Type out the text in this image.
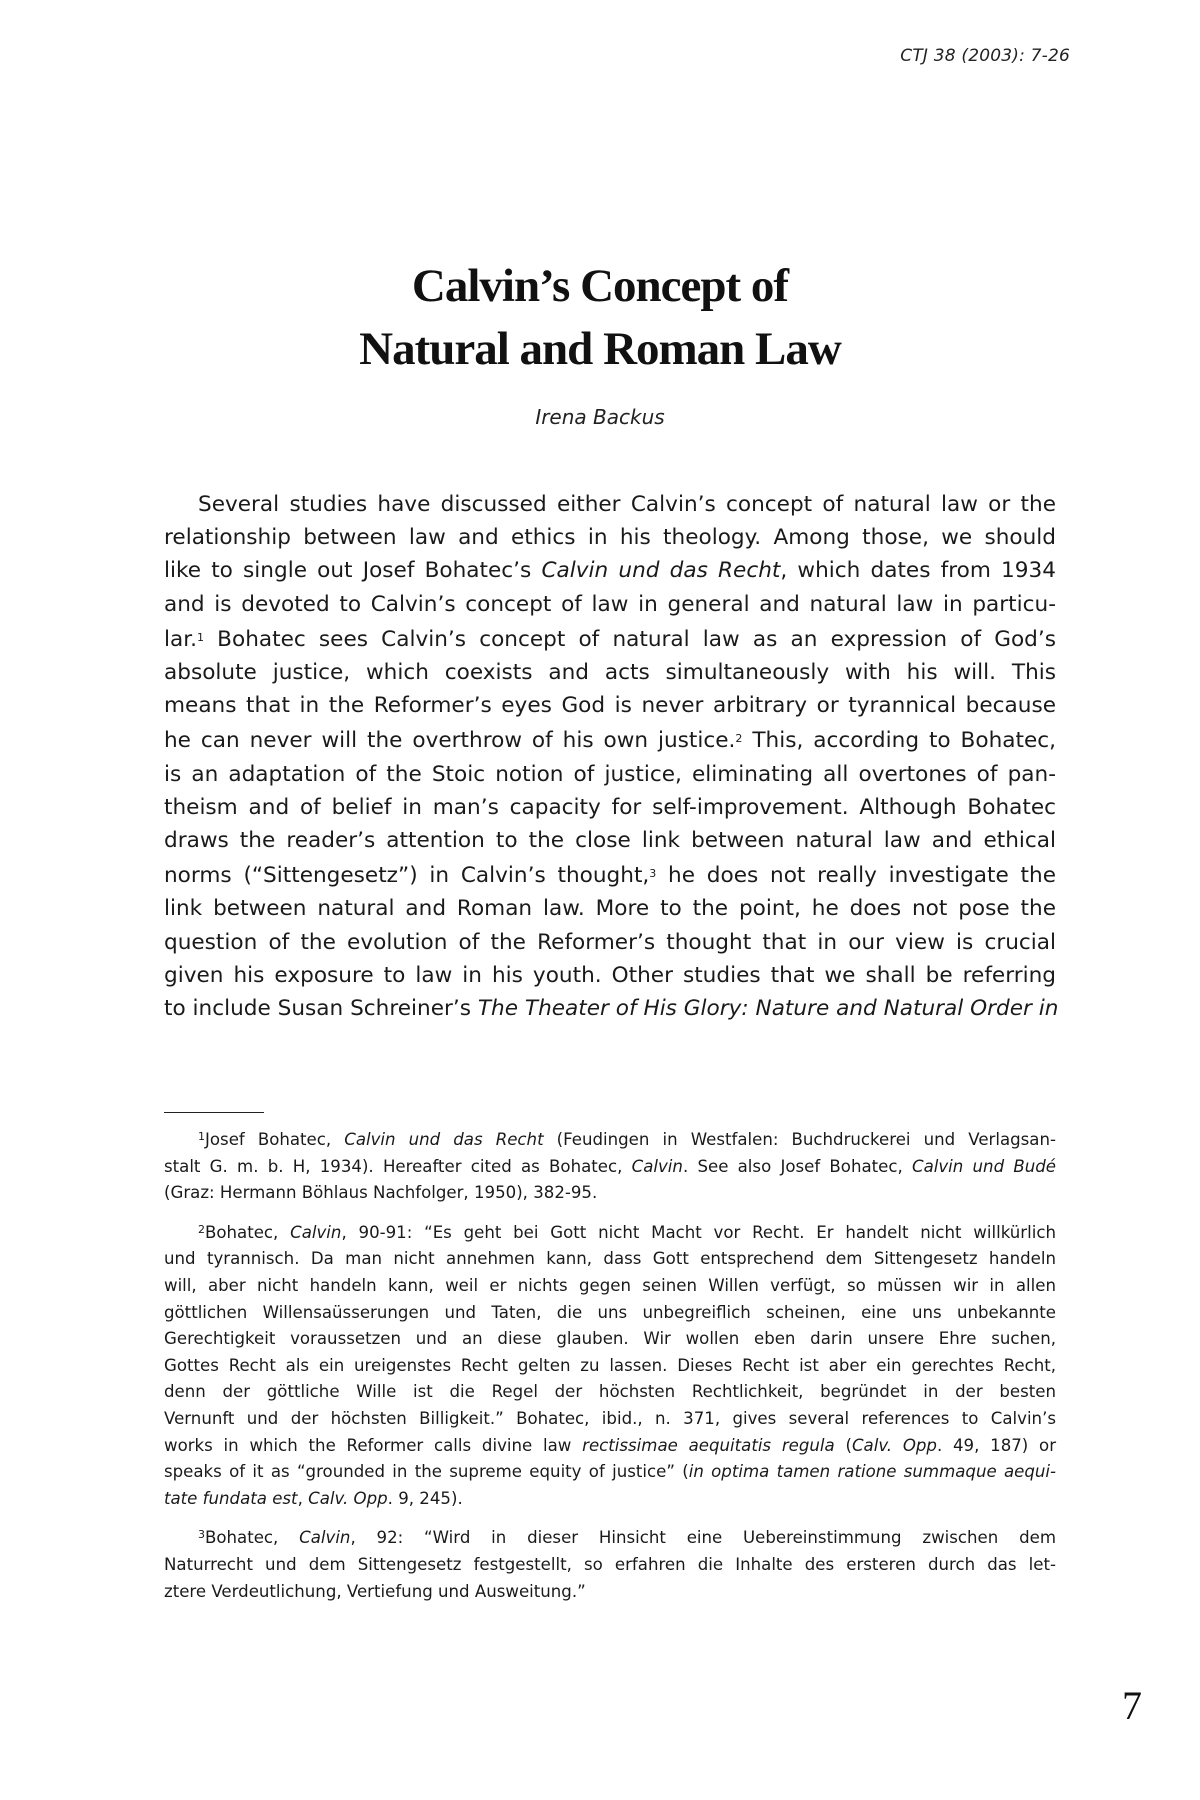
CTJ 38 (2003): 7-26
Calvin’s Concept of
Natural and Roman Law
Irena Backus
Several studies have discussed either Calvin’s concept of natural law or the
relationship between law and ethics in his theology. Among those, we should
like to single out Josef Bohatec’s Calvin und das Recht, which dates from 1934
and is devoted to Calvin’s concept of law in general and natural law in particu-
lar.$^1$ Bohatec sees Calvin’s concept of natural law as an expression of God’s
absolute justice, which coexists and acts simultaneously with his will. This
means that in the Reformer’s eyes God is never arbitrary or tyrannical because
he can never will the overthrow of his own justice.$^2$ This, according to Bohatec,
is an adaptation of the Stoic notion of justice, eliminating all overtones of pan-
theism and of belief in man’s capacity for self-improvement. Although Bohatec
draws the reader’s attention to the close link between natural law and ethical
norms (“Sittengesetz”) in Calvin’s thought,$^3$ he does not really investigate the
link between natural and Roman law. More to the point, he does not pose the
question of the evolution of the Reformer’s thought that in our view is crucial
given his exposure to law in his youth. Other studies that we shall be referring
to include Susan Schreiner’s The Theater of His Glory: Nature and Natural Order in
$^1$Josef Bohatec, Calvin und das Recht (Feudingen in Westfalen: Buchdruckerei und Verlagsan-
stalt G. m. b. H, 1934). Hereafter cited as Bohatec, Calvin. See also Josef Bohatec, Calvin und Budé
(Graz: Hermann Böhlaus Nachfolger, 1950), 382-95.
$^2$Bohatec, Calvin, 90-91: “Es geht bei Gott nicht Macht vor Recht. Er handelt nicht willkürlich
und tyrannisch. Da man nicht annehmen kann, dass Gott entsprechend dem Sittengesetz handeln
will, aber nicht handeln kann, weil er nichts gegen seinen Willen verfügt, so müssen wir in allen
göttlichen Willensaüsserungen und Taten, die uns unbegreiflich scheinen, eine uns unbekannte
Gerechtigkeit voraussetzen und an diese glauben. Wir wollen eben darin unsere Ehre suchen,
Gottes Recht als ein ureigenstes Recht gelten zu lassen. Dieses Recht ist aber ein gerechtes Recht,
denn der göttliche Wille ist die Regel der höchsten Rechtlichkeit, begründet in der besten
Vernunft und der höchsten Billigkeit.” Bohatec, ibid., n. 371, gives several references to Calvin’s
works in which the Reformer calls divine law rectissimae aequitatis regula (Calv. Opp. 49, 187) or
speaks of it as “grounded in the supreme equity of justice” (in optima tamen ratione summaque aequi-
tate fundata est, Calv. Opp. 9, 245).
$^3$Bohatec, Calvin, 92: “Wird in dieser Hinsicht eine Uebereinstimmung zwischen dem
Naturrecht und dem Sittengesetz festgestellt, so erfahren die Inhalte des ersteren durch das let-
ztere Verdeutlichung, Vertiefung und Ausweitung.”
7
